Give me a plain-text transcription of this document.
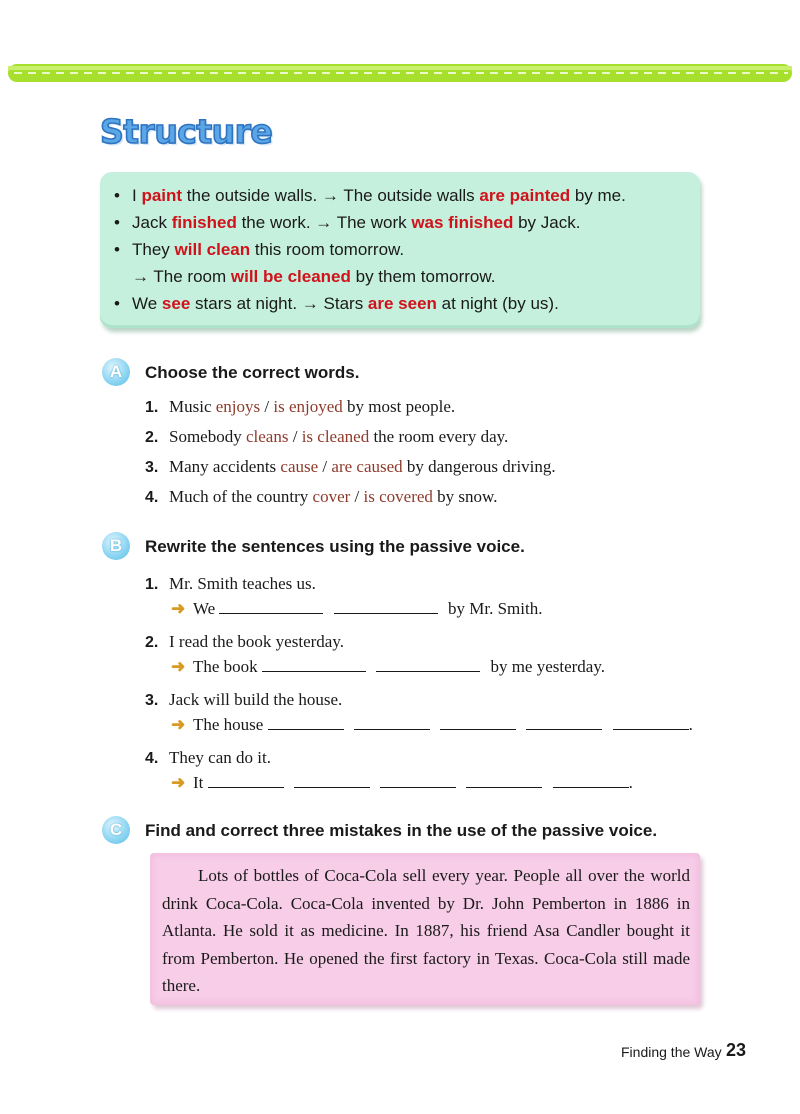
Structure
• I paint the outside walls. → The outside walls are painted by me.
• Jack finished the work. → The work was finished by Jack.
• They will clean this room tomorrow.
→ The room will be cleaned by them tomorrow.
• We see stars at night. → Stars are seen at night (by us).
A	Choose the correct words.
1. Music enjoys / is enjoyed by most people.
2. Somebody cleans / is cleaned the room every day.
3. Many accidents cause / are caused by dangerous driving.
4. Much of the country cover / is covered by snow.
B	Rewrite the sentences using the passive voice.
1. Mr. Smith teaches us.
➜ We	by Mr. Smith.
2. I read the book yesterday.
➜ The book	by me yesterday.
3. Jack will build the house.
➜ The house	.
4. They can do it.
➜ It	.
C	Find and correct three mistakes in the use of the passive voice.

Lots of bottles of Coca-Cola sell every year. People all over the world drink Coca-Cola. Coca-Cola invented by Dr. John Pemberton in 1886 in Atlanta. He sold it as medicine. In 1887, his friend Asa Candler bought it from Pemberton. He opened the first factory in Texas. Coca-Cola still made there.

Finding the Way 23
